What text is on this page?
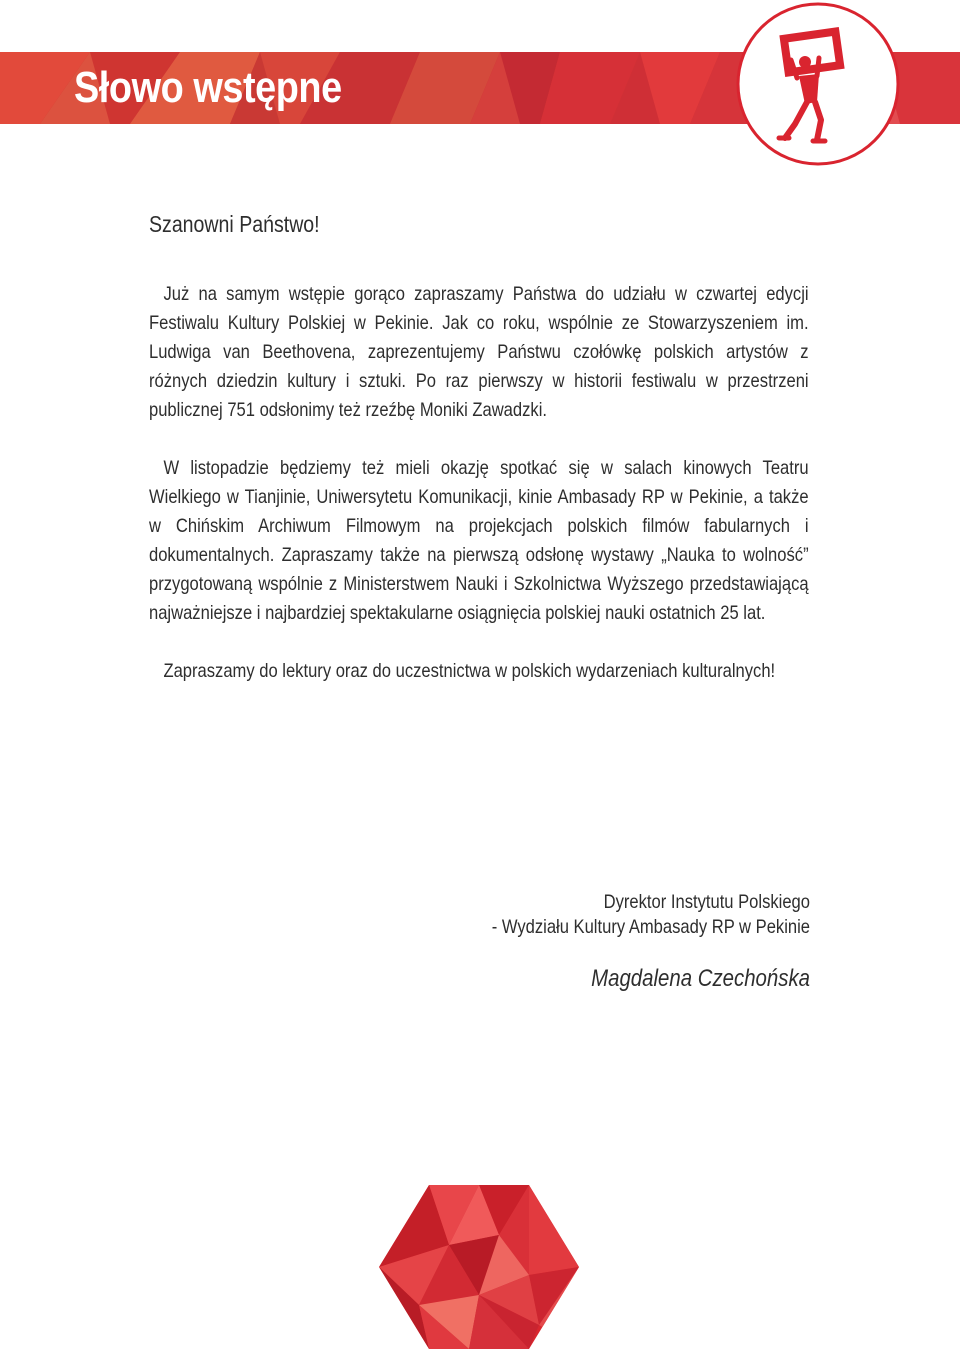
Słowo wstępne
Szanowni Państwo!
Już na samym wstępie gorąco zapraszamy Państwa do udziału w czwartej edycji Festiwalu Kultury Polskiej w Pekinie. Jak co roku, wspólnie ze Stowarzyszeniem im. Ludwiga van Beethovena, zaprezentujemy Państwu czołówkę polskich artystów z różnych dziedzin kultury i sztuki. Po raz pierwszy w historii festiwalu w przestrzeni publicznej 751 odsłonimy też rzeźbę Moniki Zawadzki.
W listopadzie będziemy też mieli okazję spotkać się w salach kinowych Teatru Wielkiego w Tianjinie, Uniwersytetu Komunikacji, kinie Ambasady RP w Pekinie, a także w Chińskim Archiwum Filmowym na projekcjach polskich filmów fabularnych i dokumentalnych. Zapraszamy także na pierwszą odsłonę wystawy „Nauka to wolność” przygotowaną wspólnie z Ministerstwem Nauki i Szkolnictwa Wyższego przedstawiającą najważniejsze i najbardziej spektakularne osiągnięcia polskiej nauki ostatnich 25 lat.
Zapraszamy do lektury oraz do uczestnictwa w polskich wydarzeniach kulturalnych!
Dyrektor Instytutu Polskiego
- Wydziału Kultury Ambasady RP w Pekinie
Magdalena Czechońska
